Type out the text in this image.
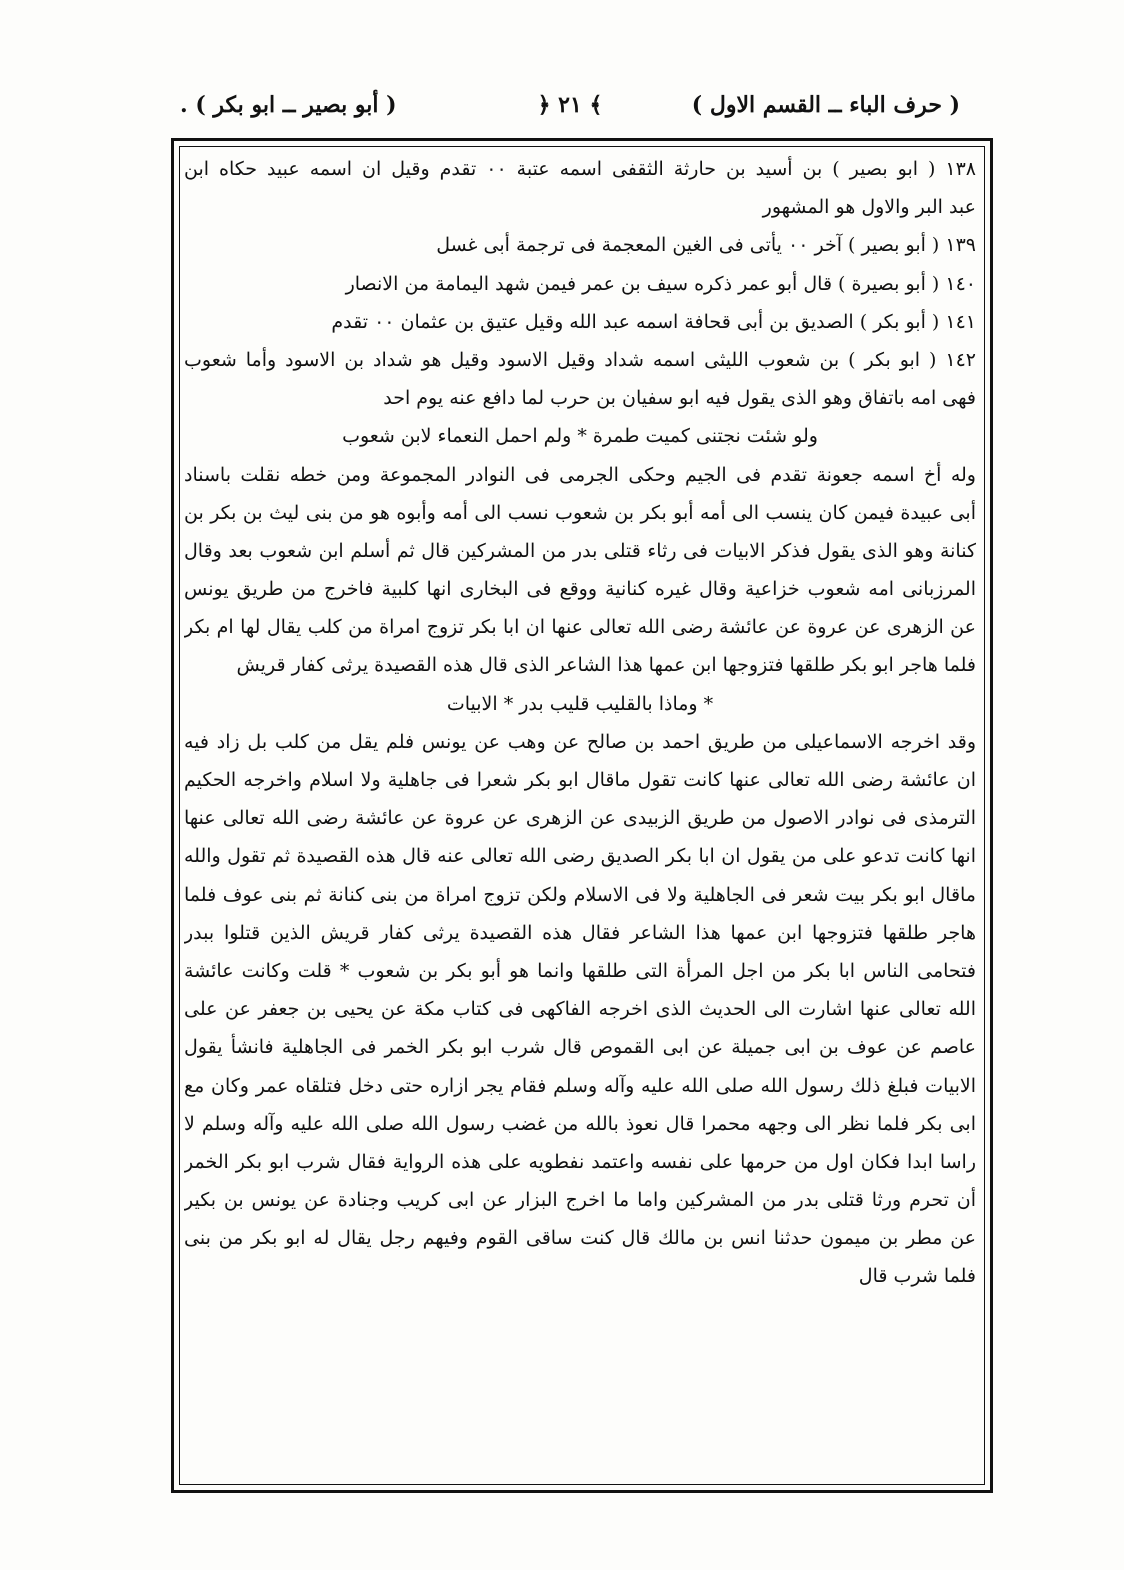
( حرف الباء ــ القسم الاول )
﴿ ٢١ ﴾
( أبو بصير ــ ابو بكر ) .
١٣٨ ( ابو بصير ) بن أسيد بن حارثة الثقفى اسمه عتبة ٠٠ تقدم وقيل ان اسمه عبيد حكاه ابن
عبد البر والاول هو المشهور
١٣٩ ( أبو بصير ) آخر ٠٠ يأتى فى الغين المعجمة فى ترجمة أبى غسل
١٤٠ ( أبو بصيرة ) قال أبو عمر ذكره سيف بن عمر فيمن شهد اليمامة من الانصار
١٤١ ( أبو بكر ) الصديق بن أبى قحافة اسمه عبد الله وقيل عتيق بن عثمان ٠٠ تقدم
١٤٢ ( ابو بكر ) بن شعوب الليثى اسمه شداد وقيل الاسود وقيل هو شداد بن الاسود وأما شعوب
فهى امه باتفاق وهو الذى يقول فيه ابو سفيان بن حرب لما دافع عنه يوم احد
ولو شئت نجتنى كميت طمرة * ولم احمل النعماء لابن شعوب
وله أخ اسمه جعونة تقدم فى الجيم وحكى الجرمى فى النوادر المجموعة ومن خطه نقلت باسناد
أبى عبيدة فيمن كان ينسب الى أمه أبو بكر بن شعوب نسب الى أمه وأبوه هو من بنى ليث بن بكر بن
كنانة وهو الذى يقول فذكر الابيات فى رثاء قتلى بدر من المشركين قال ثم أسلم ابن شعوب بعد وقال
المرزبانى امه شعوب خزاعية وقال غيره كنانية ووقع فى البخارى انها كلبية فاخرج من طريق يونس
عن الزهرى عن عروة عن عائشة رضى الله تعالى عنها ان ابا بكر تزوج امراة من كلب يقال لها ام بكر
فلما هاجر ابو بكر طلقها فتزوجها ابن عمها هذا الشاعر الذى قال هذه القصيدة يرثى كفار قريش
* وماذا بالقليب قليب بدر * الابيات
وقد اخرجه الاسماعيلى من طريق احمد بن صالح عن وهب عن يونس فلم يقل من كلب بل زاد فيه
ان عائشة رضى الله تعالى عنها كانت تقول ماقال ابو بكر شعرا فى جاهلية ولا اسلام واخرجه الحكيم
الترمذى فى نوادر الاصول من طريق الزبيدى عن الزهرى عن عروة عن عائشة رضى الله تعالى عنها
انها كانت تدعو على من يقول ان ابا بكر الصديق رضى الله تعالى عنه قال هذه القصيدة ثم تقول والله
ماقال ابو بكر بيت شعر فى الجاهلية ولا فى الاسلام ولكن تزوج امراة من بنى كنانة ثم بنى عوف فلما
هاجر طلقها فتزوجها ابن عمها هذا الشاعر فقال هذه القصيدة يرثى كفار قريش الذين قتلوا ببدر
فتحامى الناس ابا بكر من اجل المرأة التى طلقها وانما هو أبو بكر بن شعوب * قلت وكانت عائشة
الله تعالى عنها اشارت الى الحديث الذى اخرجه الفاكهى فى كتاب مكة عن يحيى بن جعفر عن على
عاصم عن عوف بن ابى جميلة عن ابى القموص قال شرب ابو بكر الخمر فى الجاهلية فانشأ يقول
الابيات فبلغ ذلك رسول الله صلى الله عليه وآله وسلم فقام يجر ازاره حتى دخل فتلقاه عمر وكان مع
ابى بكر فلما نظر الى وجهه محمرا قال نعوذ بالله من غضب رسول الله صلى الله عليه وآله وسلم لا
راسا ابدا فكان اول من حرمها على نفسه واعتمد نفطويه على هذه الرواية فقال شرب ابو بكر الخمر
أن تحرم ورثا قتلى بدر من المشركين واما ما اخرج البزار عن ابى كريب وجنادة عن يونس بن بكير
عن مطر بن ميمون حدثنا انس بن مالك قال كنت ساقى القوم وفيهم رجل يقال له ابو بكر من بنى
فلما شرب قال
